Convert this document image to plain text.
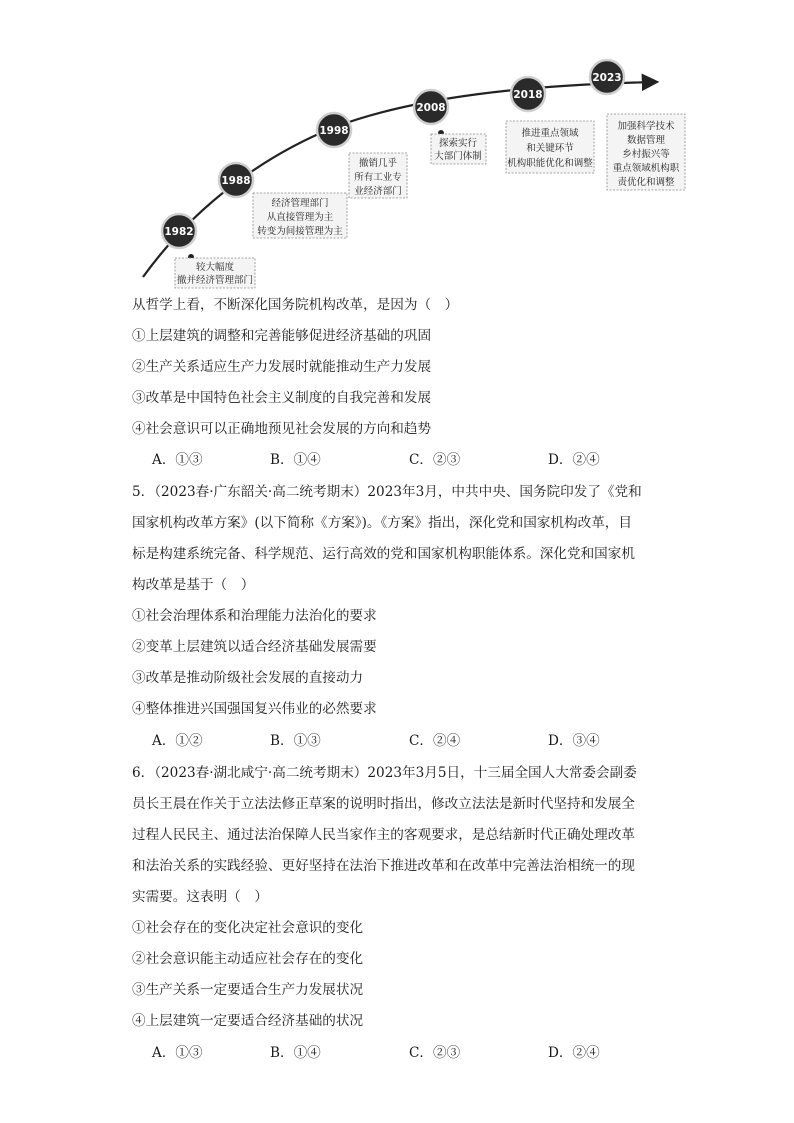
1982
较大幅度
撤并经济管理部门
1988
经济管理部门
从直接管理为主
转变为间接管理为主
1998
撤销几乎
所有工业专
业经济部门
2008
探索实行
大部门体制
2018
推进重点领域
和关键环节
机构职能优化和调整
2023
加强科学技术
数据管理
乡村振兴等
重点领域机构职
责优化和调整
从哲学上看，不断深化国务院机构改革，是因为（　）
①上层建筑的调整和完善能够促进经济基础的巩固
②生产关系适应生产力发展时就能推动生产力发展
③改革是中国特色社会主义制度的自我完善和发展
④社会意识可以正确地预见社会发展的方向和趋势
A．①③	B．①④	C．②③	D．②④
5．（2023春·广东韶关·高二统考期末）2023年3月，中共中央、国务院印发了《党和
国家机构改革方案》(以下简称《方案》)。《方案》指出，深化党和国家机构改革，目
标是构建系统完备、科学规范、运行高效的党和国家机构职能体系。深化党和国家机
构改革是基于（　）
①社会治理体系和治理能力法治化的要求
②变革上层建筑以适合经济基础发展需要
③改革是推动阶级社会发展的直接动力
④整体推进兴国强国复兴伟业的必然要求
A．①②	B．①③	C．②④	D．③④
6．（2023春·湖北咸宁·高二统考期末）2023年3月5日，十三届全国人大常委会副委
员长王晨在作关于立法法修正草案的说明时指出，修改立法法是新时代坚持和发展全
过程人民民主、通过法治保障人民当家作主的客观要求，是总结新时代正确处理改革
和法治关系的实践经验、更好坚持在法治下推进改革和在改革中完善法治相统一的现
实需要。这表明（　）
①社会存在的变化决定社会意识的变化
②社会意识能主动适应社会存在的变化
③生产关系一定要适合生产力发展状况
④上层建筑一定要适合经济基础的状况
A．①③	B．①④	C．②③	D．②④
